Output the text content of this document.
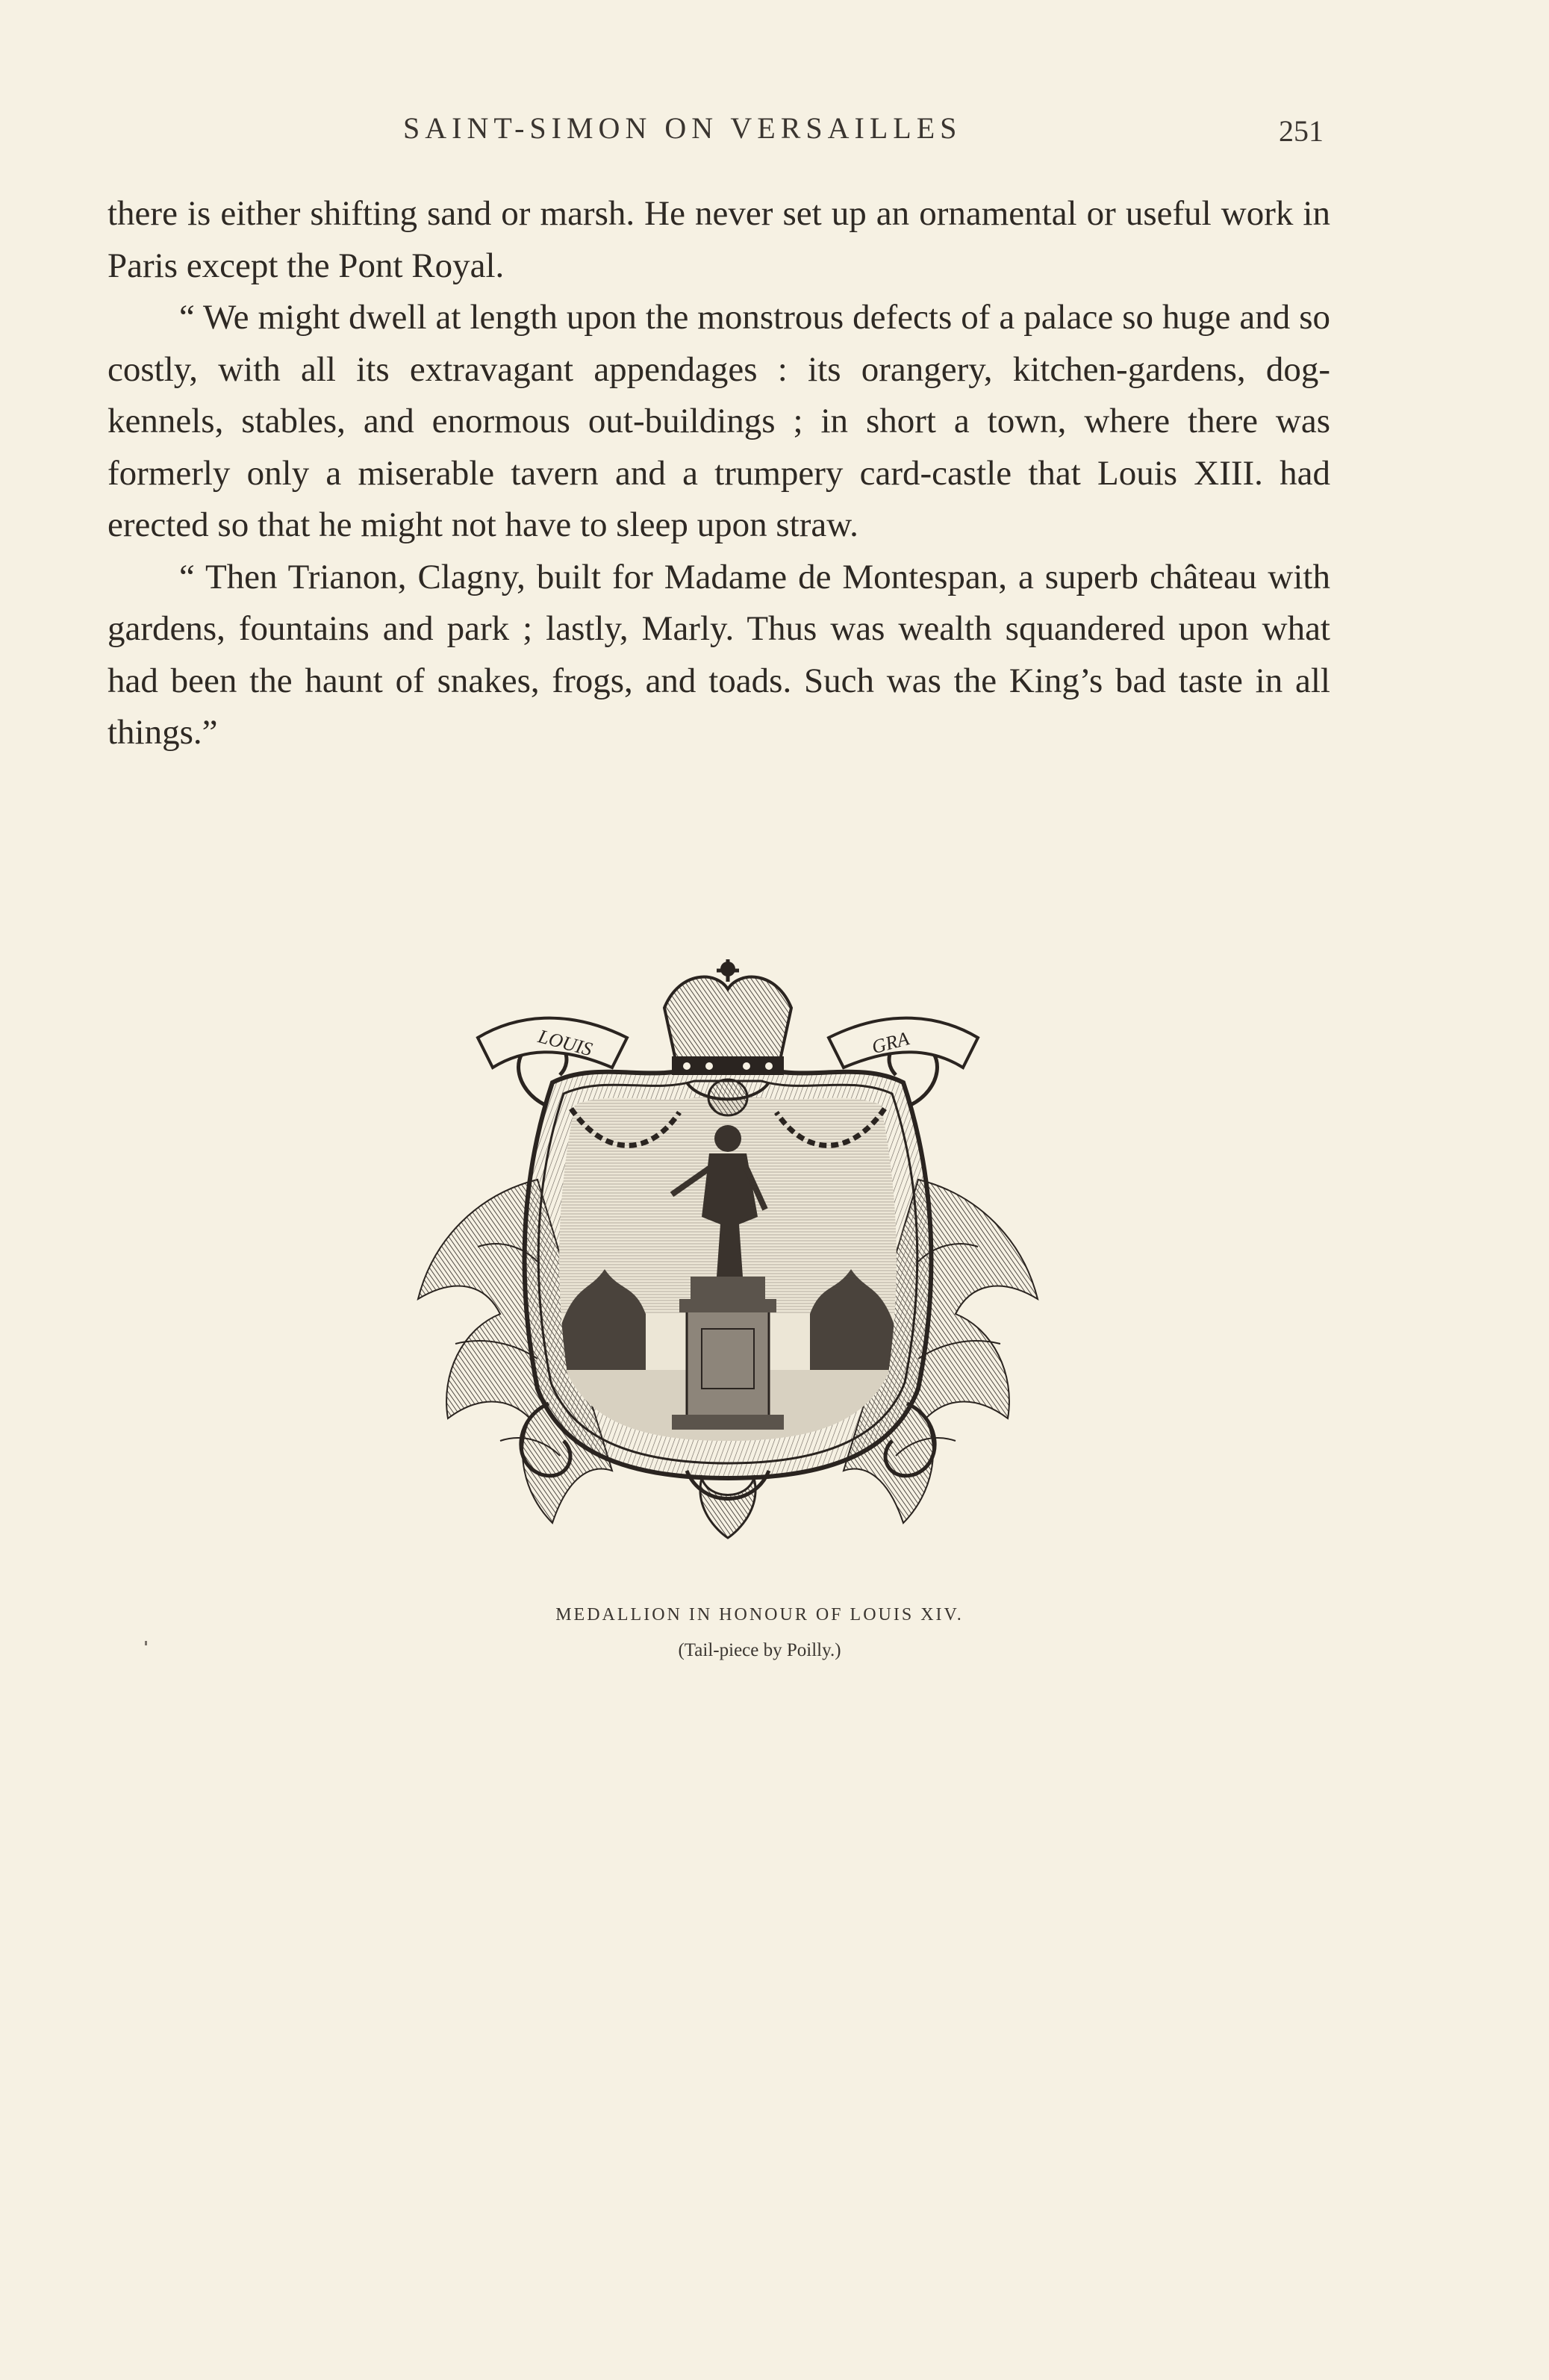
SAINT-SIMON ON VERSAILLES	251

there is either shifting sand or marsh. He never set up an ornamental or useful work in Paris except the Pont Royal.

“ We might dwell at length upon the monstrous defects of a palace so huge and so costly, with all its extravagant appendages : its orangery, kitchen-gardens, dog-kennels, stables, and enormous out-buildings ; in short a town, where there was formerly only a miserable tavern and a trumpery card-castle that Louis XIII. had erected so that he might not have to sleep upon straw.

“ Then Trianon, Clagny, built for Madame de Montespan, a superb château with gardens, fountains and park ; lastly, Marly. Thus was wealth squandered upon what had been the haunt of snakes, frogs, and toads. Such was the King’s bad taste in all things.”

LOUIS	GRA
MEDALLION IN HONOUR OF LOUIS XIV.
(Tail-piece by Poilly.)
